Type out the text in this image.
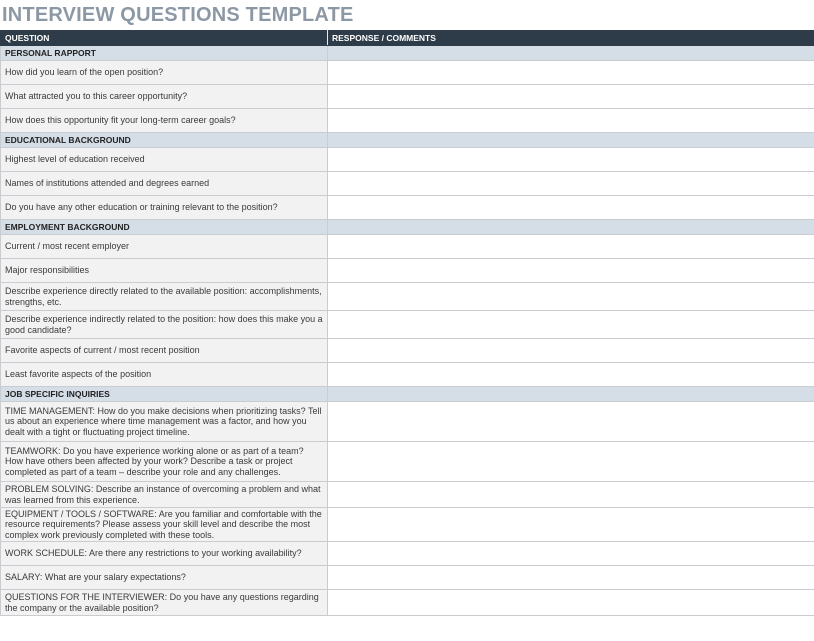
INTERVIEW QUESTIONS TEMPLATE
QUESTION	RESPONSE / COMMENTS
PERSONAL RAPPORT	
How did you learn of the open position?	
What attracted you to this career opportunity?	
How does this opportunity fit your long-term career goals?	
EDUCATIONAL BACKGROUND	
Highest level of education received	
Names of institutions attended and degrees earned	
Do you have any other education or training relevant to the position?	
EMPLOYMENT BACKGROUND	
Current / most recent employer	
Major responsibilities	
Describe experience directly related to the available position: accomplishments, strengths, etc.	
Describe experience indirectly related to the position: how does this make you a good candidate?	
Favorite aspects of current / most recent position	
Least favorite aspects of the position	
JOB SPECIFIC INQUIRIES	
TIME MANAGEMENT: How do you make decisions when prioritizing tasks? Tell us about an experience where time management was a factor, and how you dealt with a tight or fluctuating project timeline.	
TEAMWORK: Do you have experience working alone or as part of a team? How have others been affected by your work? Describe a task or project completed as part of a team – describe your role and any challenges.	
PROBLEM SOLVING: Describe an instance of overcoming a problem and what was learned from this experience.	
EQUIPMENT / TOOLS / SOFTWARE: Are you familiar and comfortable with the resource requirements? Please assess your skill level and describe the most complex work previously completed with these tools.	
WORK SCHEDULE: Are there any restrictions to your working availability?	
SALARY: What are your salary expectations?	
QUESTIONS FOR THE INTERVIEWER: Do you have any questions regarding the company or the available position?	
